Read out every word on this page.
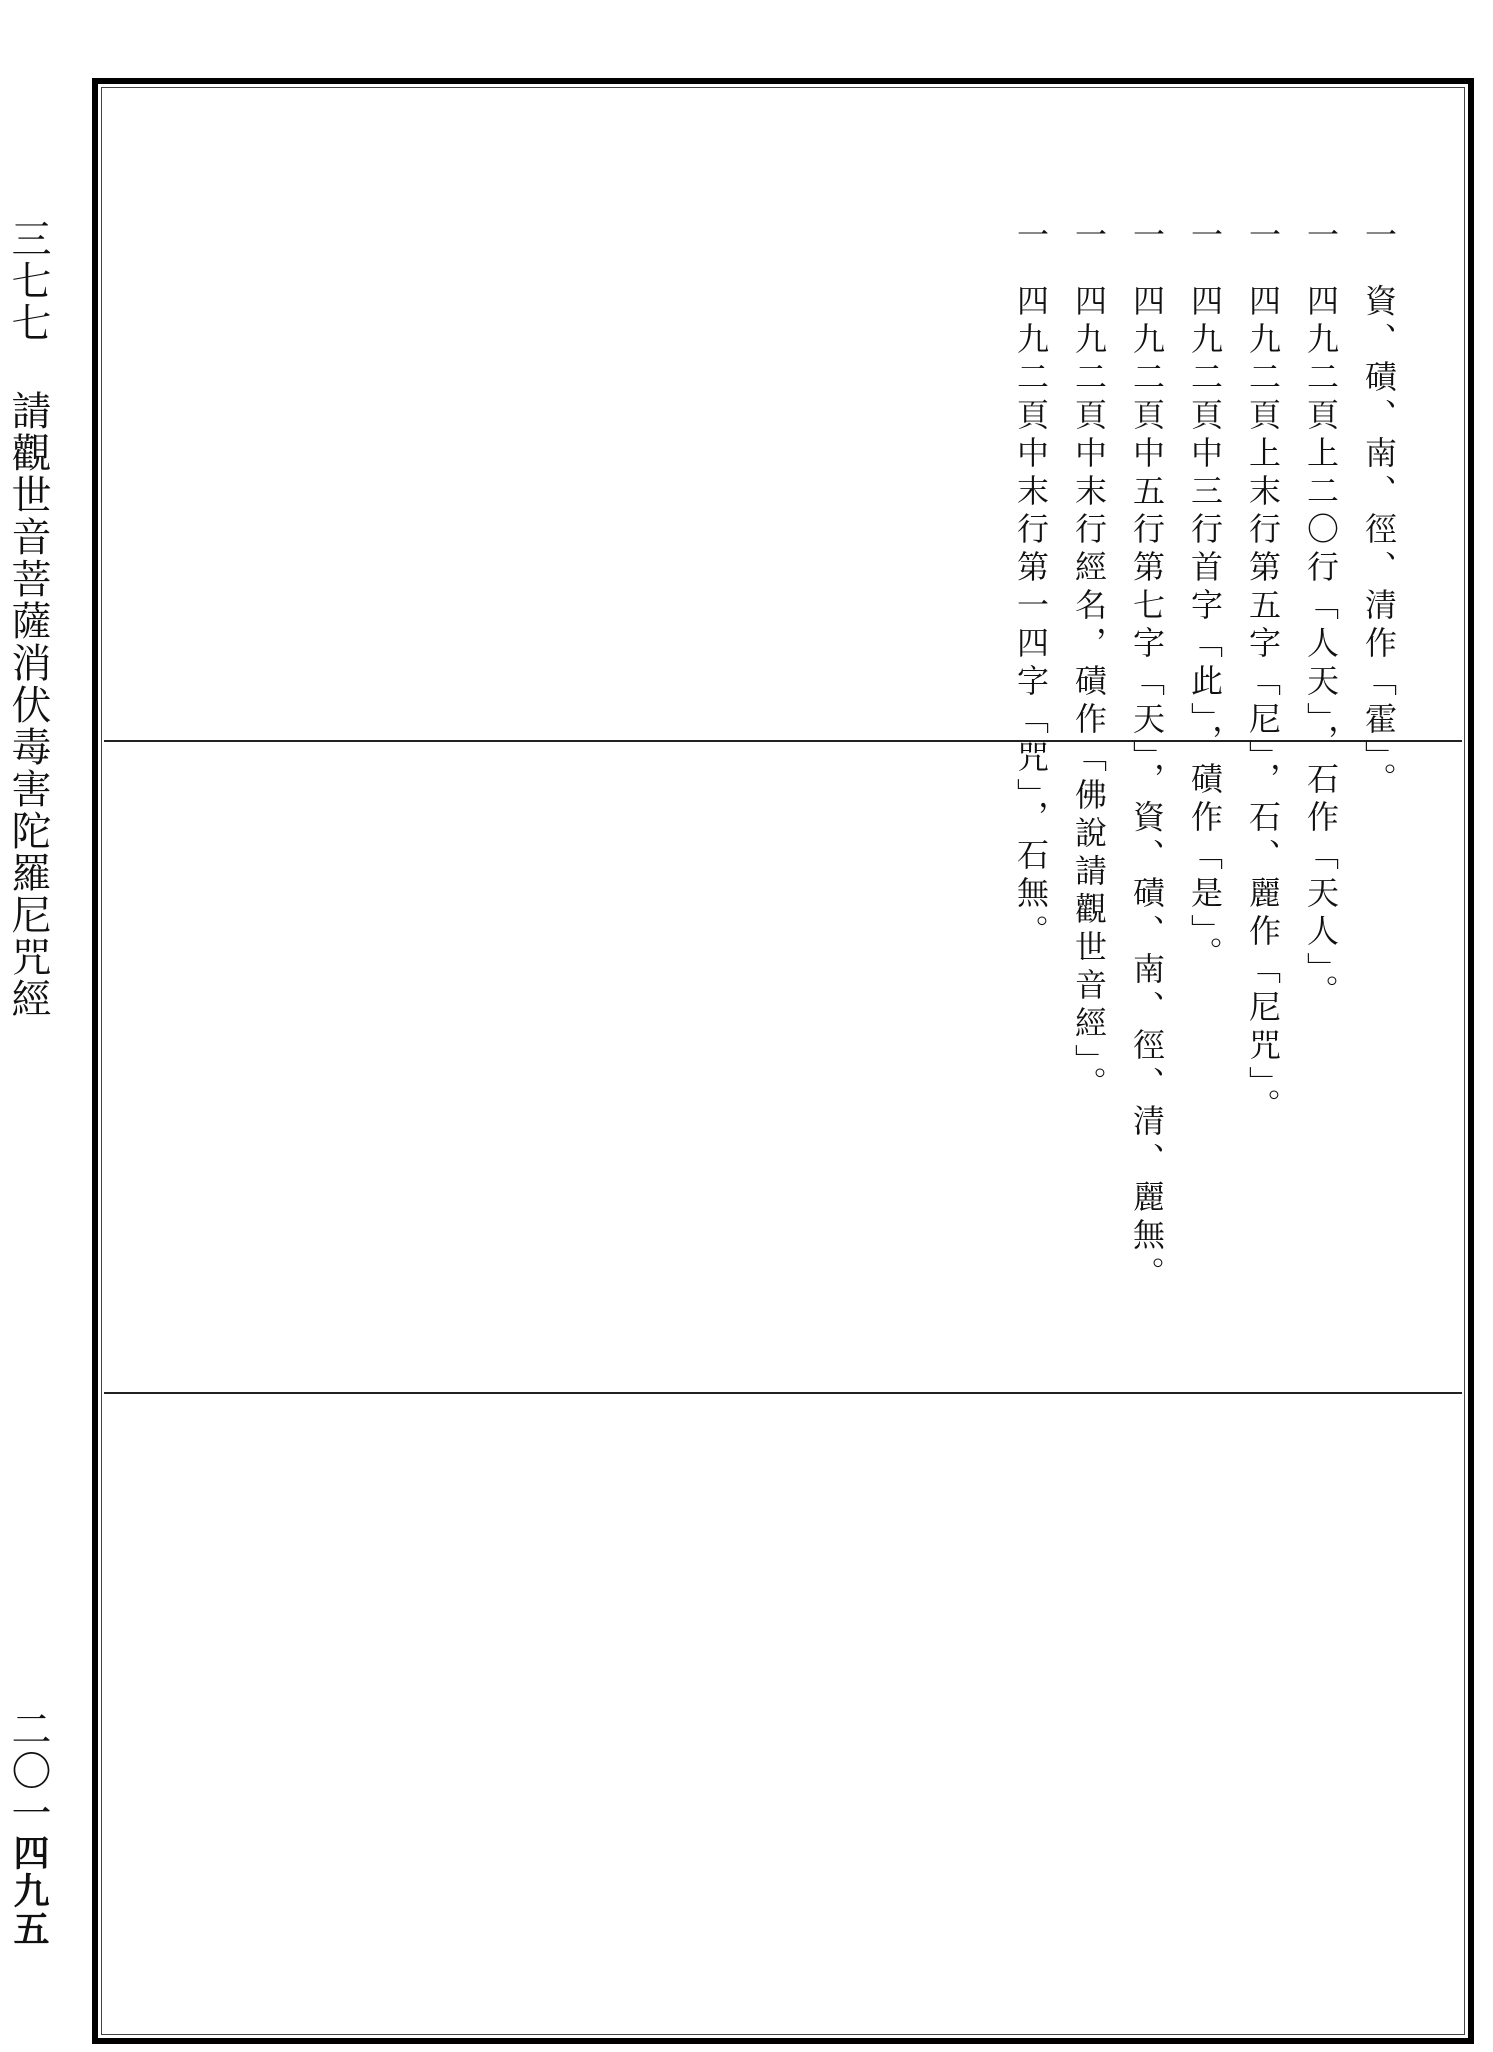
三七七
請觀世音菩薩消伏毒害陀羅尼咒經
二〇一四九五
一
資、磧、南、徑、清作「霍」。
一
四九二頁上二〇行「人天」，石作「天人」。
一
四九二頁上末行第五字「尼」，石、麗作「尼咒」。
一
四九二頁中三行首字「此」，磧作「是」。
一
四九二頁中五行第七字「天」，資、磧、南、徑、清、麗無。
一
四九二頁中末行經名，磧作「佛說請觀世音經」。
一
四九二頁中末行第一四字「咒」，石無。
